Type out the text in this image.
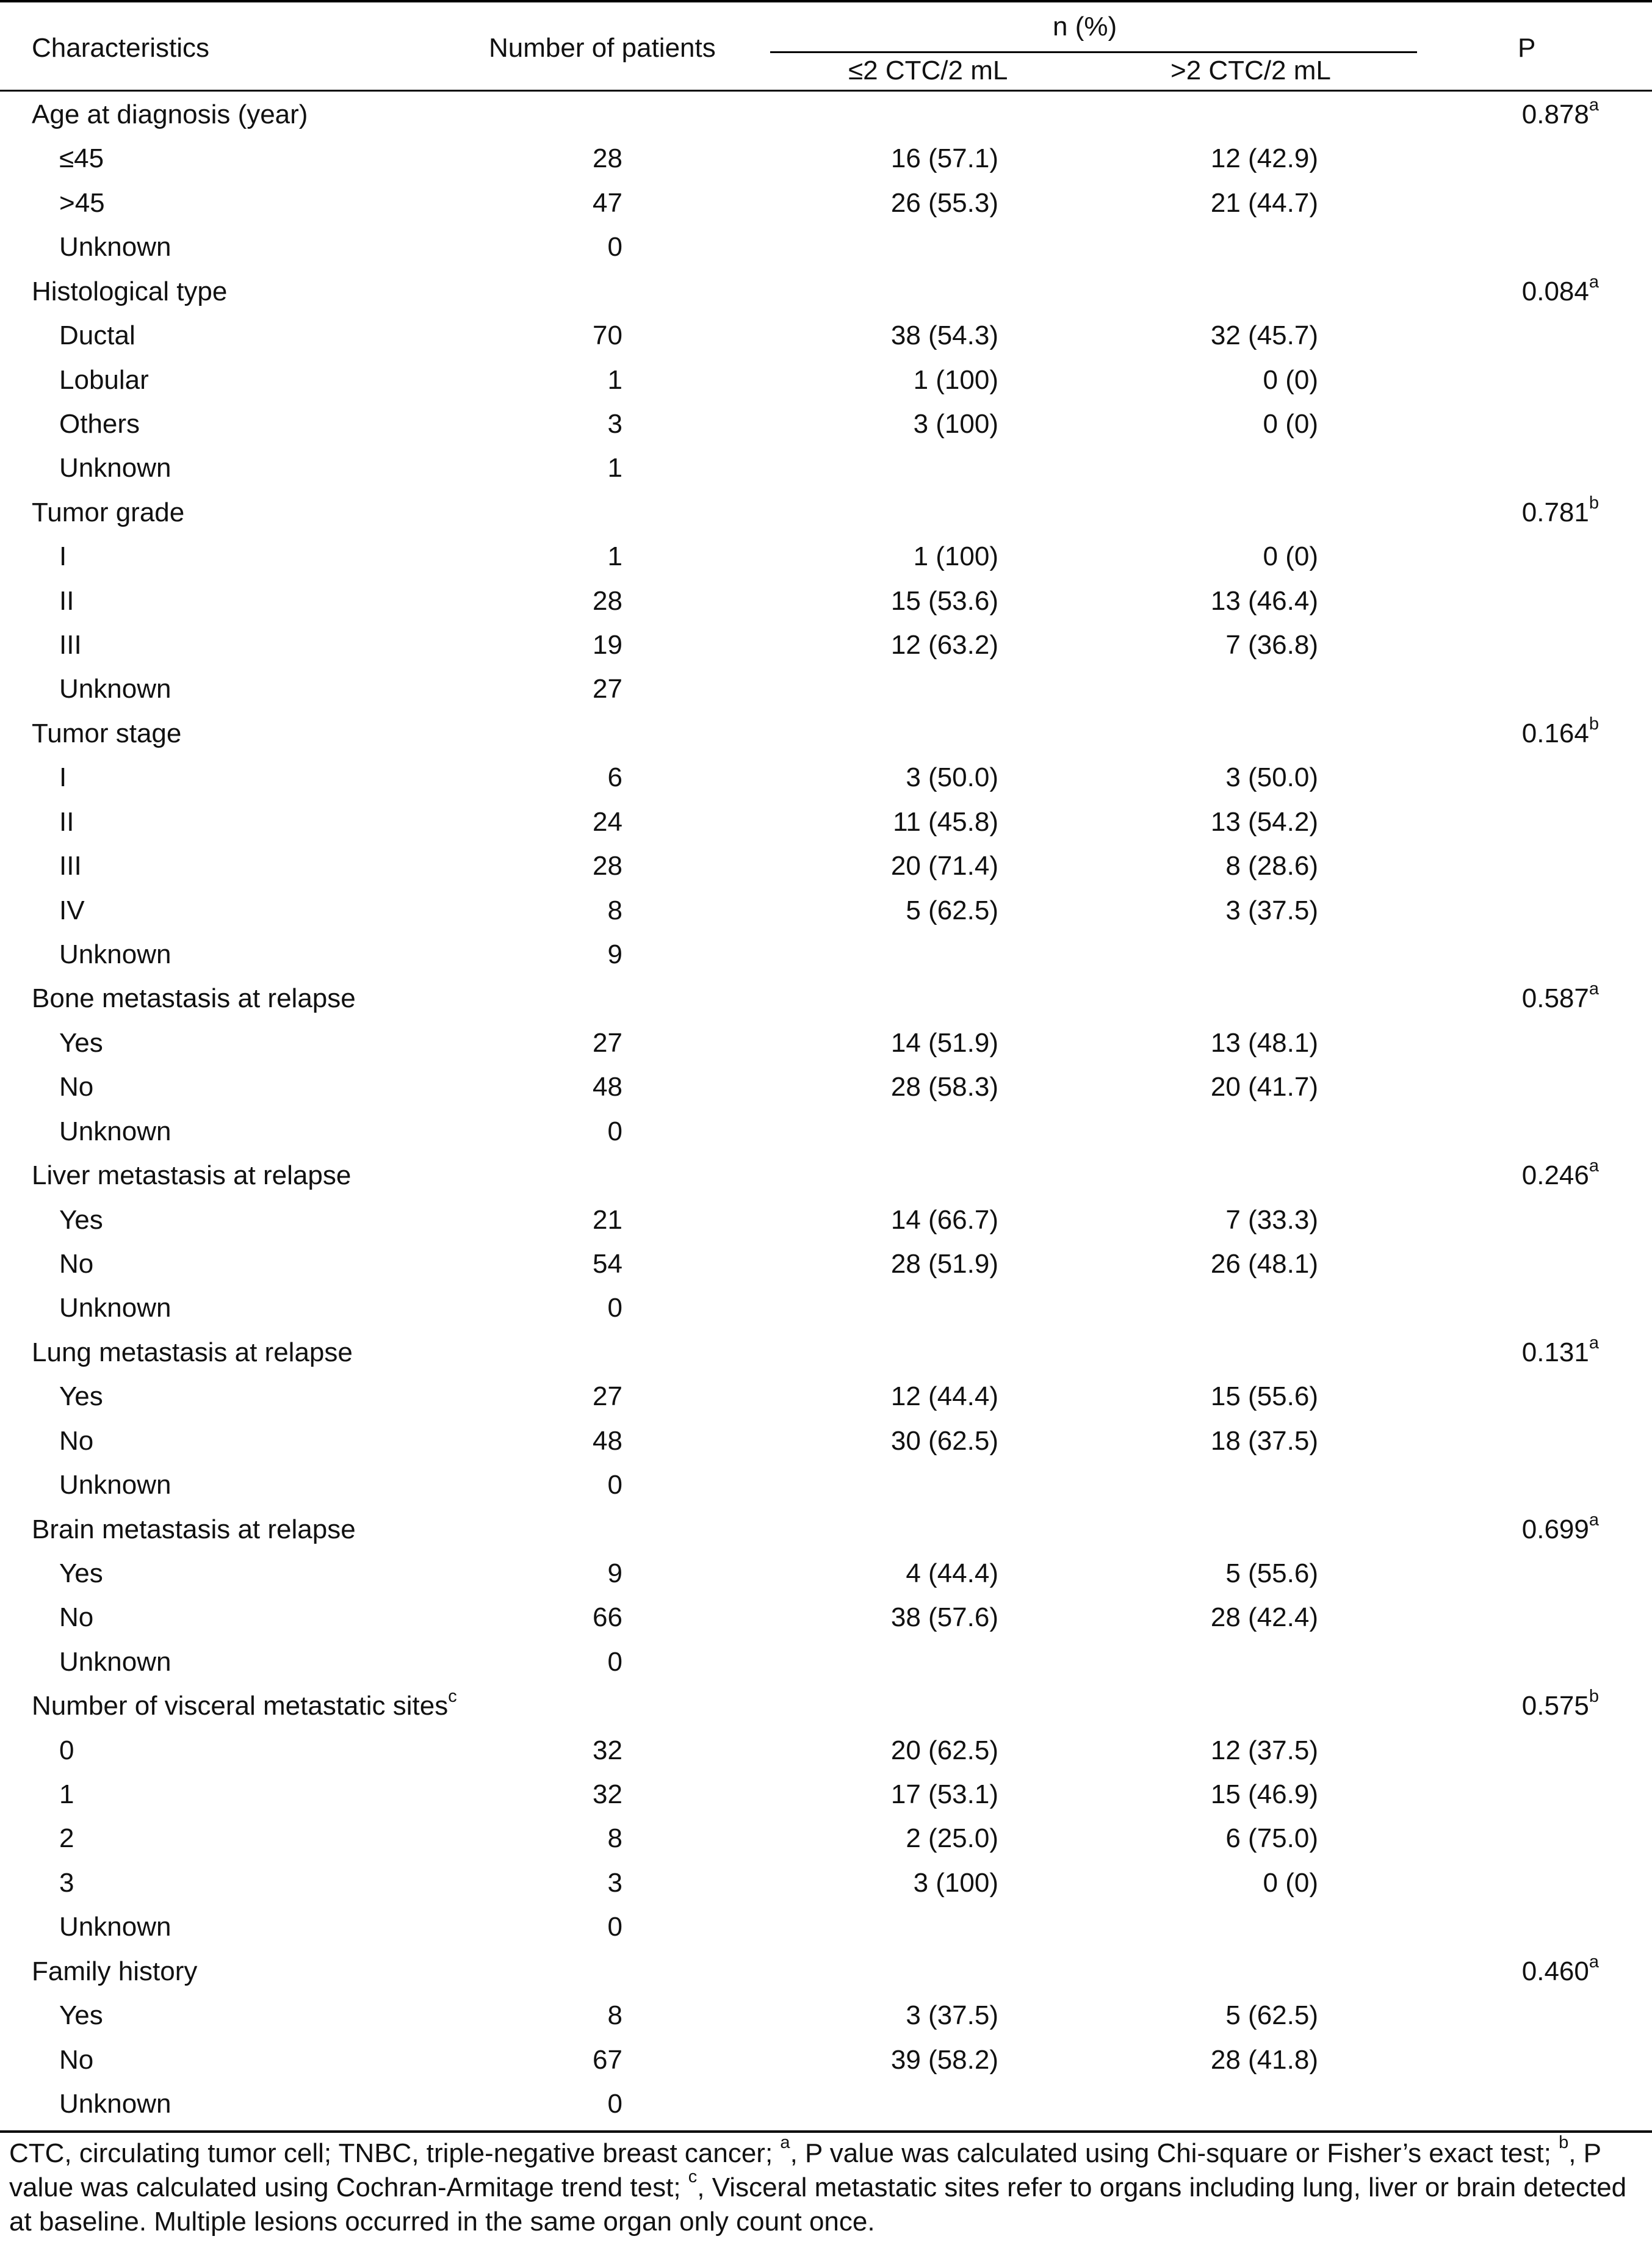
Characteristics	Number of patients
n (%)
≤2 CTC/2 mL	>2 CTC/2 mL
P
Age at diagnosis (year)	0.878$^a$
≤45	28	16 (57.1)	12 (42.9)
>45	47	26 (55.3)	21 (44.7)
Unknown	0
Histological type	0.084$^a$
Ductal	70	38 (54.3)	32 (45.7)
Lobular	1	1 (100)	0 (0)
Others	3	3 (100)	0 (0)
Unknown	1
Tumor grade	0.781$^b$
I	1	1 (100)	0 (0)
II	28	15 (53.6)	13 (46.4)
III	19	12 (63.2)	7 (36.8)
Unknown	27
Tumor stage	0.164$^b$
I	6	3 (50.0)	3 (50.0)
II	24	11 (45.8)	13 (54.2)
III	28	20 (71.4)	8 (28.6)
IV	8	5 (62.5)	3 (37.5)
Unknown	9
Bone metastasis at relapse	0.587$^a$
Yes	27	14 (51.9)	13 (48.1)
No	48	28 (58.3)	20 (41.7)
Unknown	0
Liver metastasis at relapse	0.246$^a$
Yes	21	14 (66.7)	7 (33.3)
No	54	28 (51.9)	26 (48.1)
Unknown	0
Lung metastasis at relapse	0.131$^a$
Yes	27	12 (44.4)	15 (55.6)
No	48	30 (62.5)	18 (37.5)
Unknown	0
Brain metastasis at relapse	0.699$^a$
Yes	9	4 (44.4)	5 (55.6)
No	66	38 (57.6)	28 (42.4)
Unknown	0
Number of visceral metastatic sites$^c$	0.575$^b$
0	32	20 (62.5)	12 (37.5)
1	32	17 (53.1)	15 (46.9)
2	8	2 (25.0)	6 (75.0)
3	3	3 (100)	0 (0)
Unknown	0
Family history	0.460$^a$
Yes	8	3 (37.5)	5 (62.5)
No	67	39 (58.2)	28 (41.8)
Unknown	0
CTC, circulating tumor cell; TNBC, triple-negative breast cancer; $^a$, P value was calculated using Chi-square or Fisher’s exact test; $^b$, P value was calculated using Cochran-Armitage trend test; $^c$, Visceral metastatic sites refer to organs including lung, liver or brain detected at baseline. Multiple lesions occurred in the same organ only count once.
